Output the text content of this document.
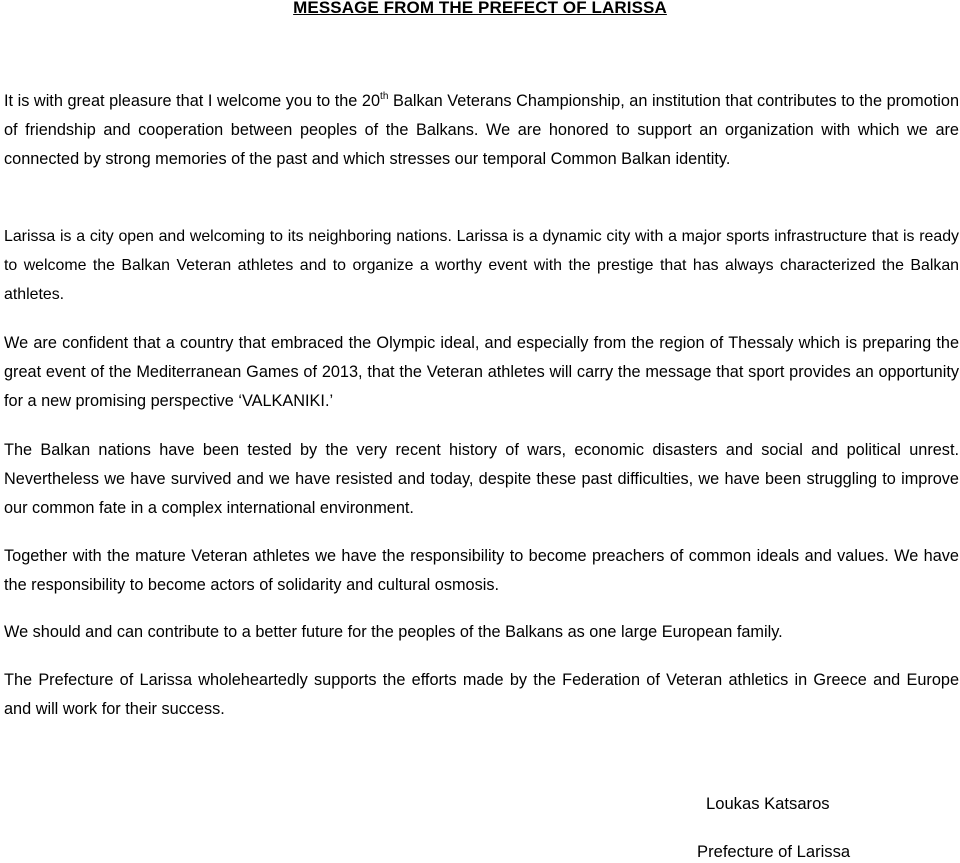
MESSAGE FROM THE PREFECT OF LARISSA

It is with great pleasure that I welcome you to the 20th Balkan Veterans Championship, an institution that contributes to the promotion of friendship and cooperation between peoples of the Balkans. We are honored to support an organization with which we are connected by strong memories of the past and which stresses our temporal Common Balkan identity.

Larissa is a city open and welcoming to its neighboring nations. Larissa is a dynamic city with a major sports infrastructure that is ready to welcome the Balkan Veteran athletes and to organize a worthy event with the prestige that has always characterized the Balkan athletes.

We are confident that a country that embraced the Olympic ideal, and especially from the region of Thessaly which is preparing the great event of the Mediterranean Games of 2013, that the Veteran athletes will carry the message that sport provides an opportunity for a new promising perspective ‘VALKANIKI.’

The Balkan nations have been tested by the very recent history of wars, economic disasters and social and political unrest. Nevertheless we have survived and we have resisted and today, despite these past difficulties, we have been struggling to improve our common fate in a complex international environment.

Together with the mature Veteran athletes we have the responsibility to become preachers of common ideals and values. We have the responsibility to become actors of solidarity and cultural osmosis.

We should and can contribute to a better future for the peoples of the Balkans as one large European family.

The Prefecture of Larissa wholeheartedly supports the efforts made by the Federation of Veteran athletics in Greece and Europe and will work for their success.

Loukas Katsaros
Prefecture of Larissa
